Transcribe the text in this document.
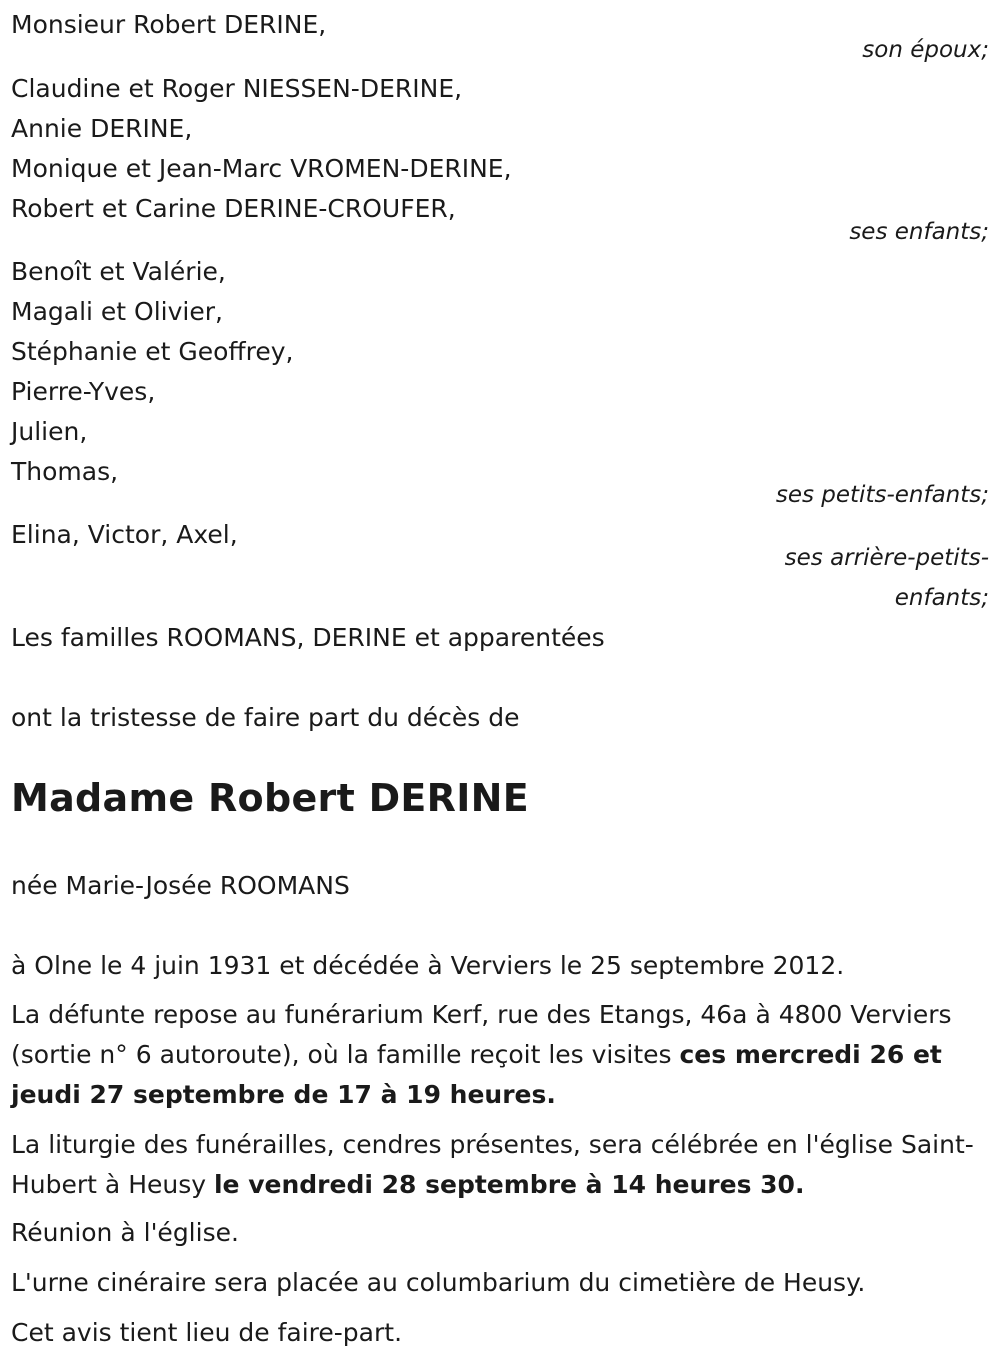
Monsieur Robert DERINE,
son époux;
Claudine et Roger NIESSEN-DERINE,
Annie DERINE,
Monique et Jean-Marc VROMEN-DERINE,
Robert et Carine DERINE-CROUFER,
ses enfants;
Benoît et Valérie,
Magali et Olivier,
Stéphanie et Geoffrey,
Pierre-Yves,
Julien,
Thomas,
ses petits-enfants;
Elina, Victor, Axel,
ses arrière-petits-
enfants;
Les familles ROOMANS, DERINE et apparentées
ont la tristesse de faire part du décès de
Madame Robert DERINE
née Marie-Josée ROOMANS
à Olne le 4 juin 1931 et décédée à Verviers le 25 septembre 2012.
La défunte repose au funérarium Kerf, rue des Etangs, 46a à 4800 Verviers (sortie n° 6 autoroute), où la famille reçoit les visites ces mercredi 26 et jeudi 27 septembre de 17 à 19 heures.
La liturgie des funérailles, cendres présentes, sera célébrée en l'église Saint-Hubert à Heusy le vendredi 28 septembre à 14 heures 30.
Réunion à l'église.
L'urne cinéraire sera placée au columbarium du cimetière de Heusy.
Cet avis tient lieu de faire-part.
